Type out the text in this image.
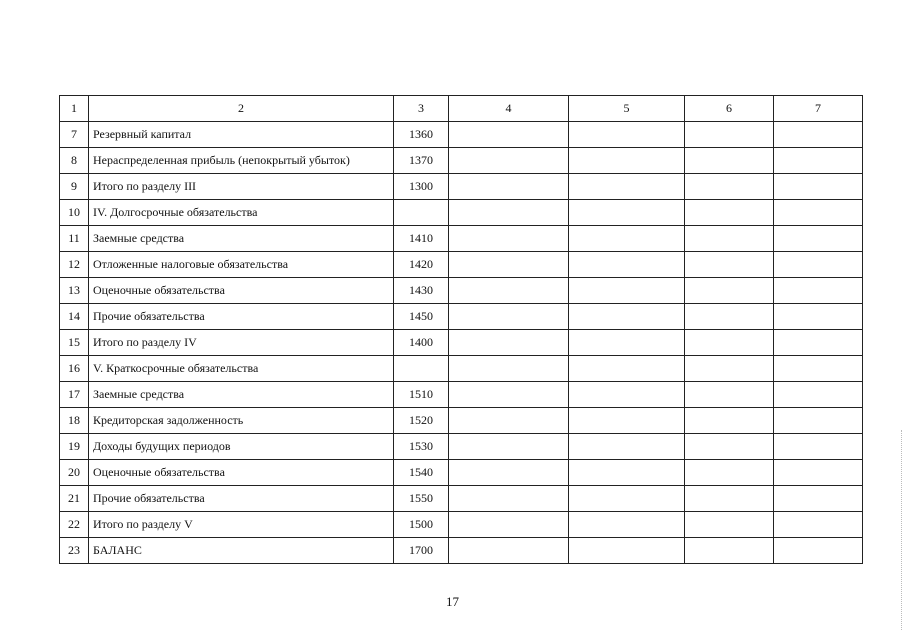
1	2	3	4	5	6	7
7	Резервный капитал	1360				
8	Нераспределенная прибыль (непокрытый убыток)	1370				
9	Итого по разделу III	1300				
10	IV. Долгосрочные обязательства					
11	Заемные средства	1410				
12	Отложенные налоговые обязательства	1420				
13	Оценочные обязательства	1430				
14	Прочие обязательства	1450				
15	Итого по разделу IV	1400				
16	V. Краткосрочные обязательства					
17	Заемные средства	1510				
18	Кредиторская задолженность	1520				
19	Доходы будущих периодов	1530				
20	Оценочные обязательства	1540				
21	Прочие обязательства	1550				
22	Итого по разделу V	1500				
23	БАЛАНС	1700				
17
